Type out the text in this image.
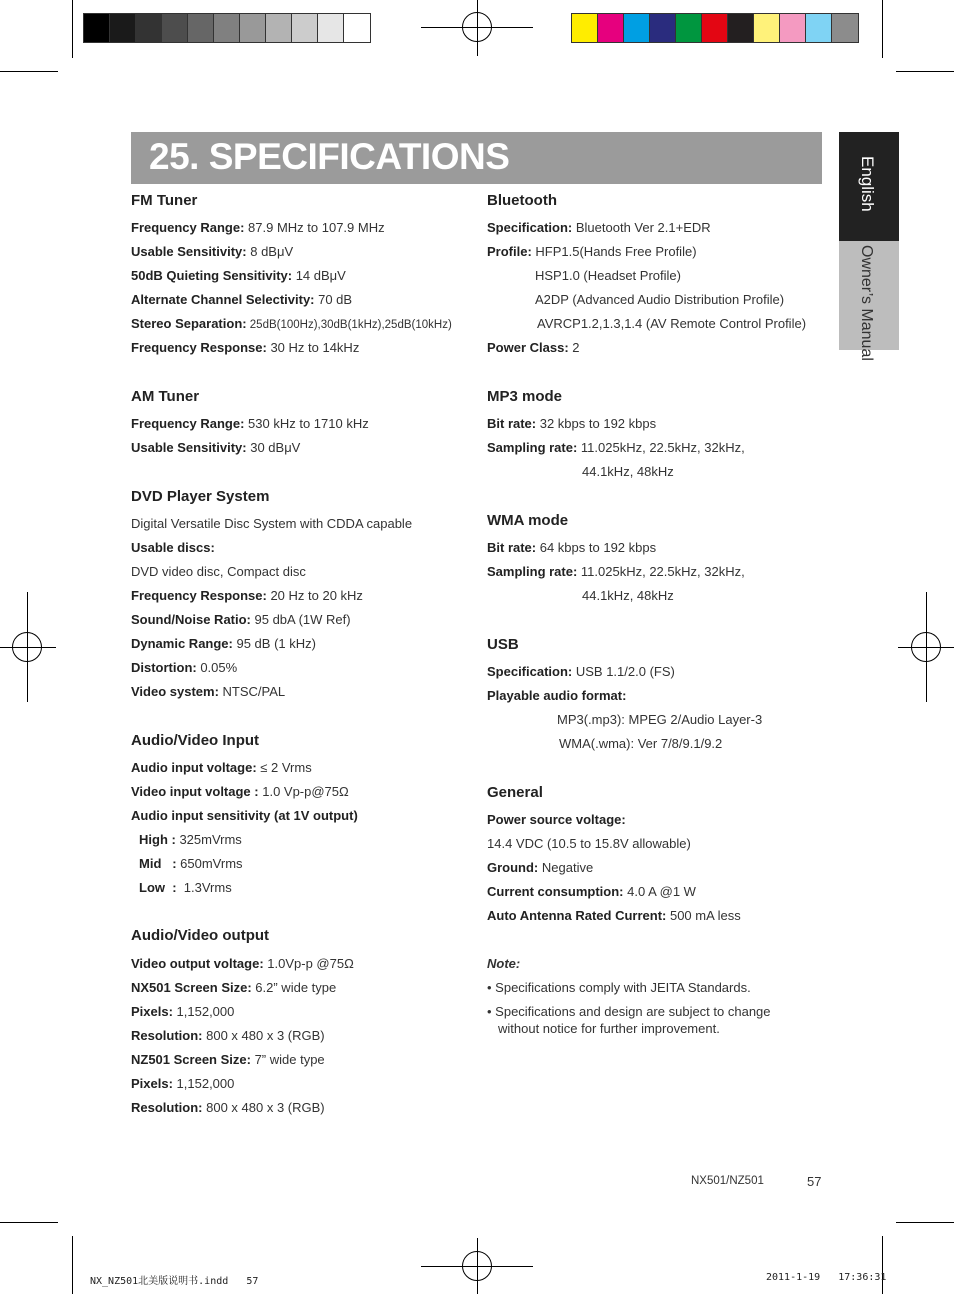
25. SPECIFICATIONS	English
Owner’s Manual
FM Tuner
Frequency Range: 87.9 MHz to 107.9 MHz
Usable Sensitivity: 8 dBμV
50dB Quieting Sensitivity: 14 dBμV
Alternate Channel Selectivity: 70 dB
Stereo Separation: 25dB(100Hz),30dB(1kHz),25dB(10kHz)
Frequency Response: 30 Hz to 14kHz
AM Tuner
Frequency Range: 530 kHz to 1710 kHz
Usable Sensitivity: 30 dBμV
DVD Player System
Digital Versatile Disc System with CDDA capable
Usable discs:
DVD video disc, Compact disc
Frequency Response: 20 Hz to 20 kHz
Sound/Noise Ratio: 95 dbA (1W Ref)
Dynamic Range: 95 dB (1 kHz)
Distortion: 0.05%
Video system: NTSC/PAL
Audio/Video Input
Audio input voltage: ≤ 2 Vrms
Video input voltage : 1.0 Vp-p@75Ω
Audio input sensitivity (at 1V output)
High : 325mVrms
Mid   : 650mVrms
Low  :  1.3Vrms
Audio/Video output
Video output voltage: 1.0Vp-p @75Ω
NX501 Screen Size: 6.2” wide type
Pixels: 1,152,000
Resolution: 800 x 480 x 3 (RGB)
NZ501 Screen Size: 7” wide type
Pixels: 1,152,000
Resolution: 800 x 480 x 3 (RGB)
Bluetooth
Specification: Bluetooth Ver 2.1+EDR
Profile: HFP1.5(Hands Free Profile)
HSP1.0 (Headset Profile)
A2DP (Advanced Audio Distribution Profile)
AVRCP1.2,1.3,1.4 (AV Remote Control Profile)
Power Class: 2
MP3 mode
Bit rate: 32 kbps to 192 kbps
Sampling rate: 11.025kHz, 22.5kHz, 32kHz,
44.1kHz, 48kHz
WMA mode
Bit rate: 64 kbps to 192 kbps
Sampling rate: 11.025kHz, 22.5kHz, 32kHz,
44.1kHz, 48kHz
USB
Specification: USB 1.1/2.0 (FS)
Playable audio format:
MP3(.mp3): MPEG 2/Audio Layer-3
WMA(.wma): Ver 7/8/9.1/9.2
General
Power source voltage:
14.4 VDC (10.5 to 15.8V allowable)
Ground: Negative
Current consumption: 4.0 A @1 W
Auto Antenna Rated Current: 500 mA less
Note:
• Specifications comply with JEITA Standards.
• Specifications and design are subject to change
without notice for further improvement.
NX501/NZ501	57
NX_NZ501北美版说明书.indd   57	2011-1-19   17:36:31
